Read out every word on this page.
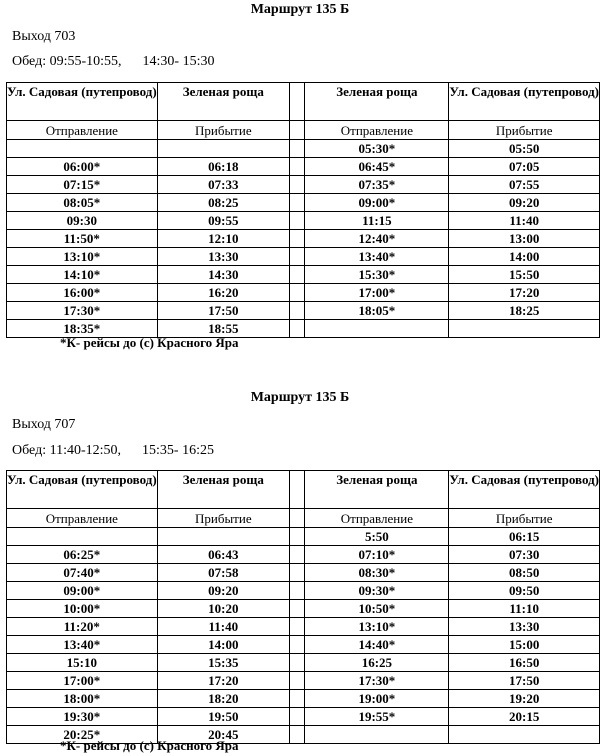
Маршрут 135 Б
Выход 703
Обед: 09:55-10:55,      14:30- 15:30
Ул. Садовая (путепровод)	Зеленая роща		Зеленая роща	Ул. Садовая (путепровод)
Отправление	Прибытие		Отправление	Прибытие
			05:30*	05:50
06:00*	06:18		06:45*	07:05
07:15*	07:33		07:35*	07:55
08:05*	08:25		09:00*	09:20
09:30	09:55		11:15	11:40
11:50*	12:10		12:40*	13:00
13:10*	13:30		13:40*	14:00
14:10*	14:30		15:30*	15:50
16:00*	16:20		17:00*	17:20
17:30*	17:50		18:05*	18:25
18:35*	18:55			
*К- рейсы до (с) Красного Яра
Маршрут 135 Б
Выход 707
Обед: 11:40-12:50,      15:35- 16:25
Ул. Садовая (путепровод)	Зеленая роща		Зеленая роща	Ул. Садовая (путепровод)
Отправление	Прибытие		Отправление	Прибытие
			5:50	06:15
06:25*	06:43		07:10*	07:30
07:40*	07:58		08:30*	08:50
09:00*	09:20		09:30*	09:50
10:00*	10:20		10:50*	11:10
11:20*	11:40		13:10*	13:30
13:40*	14:00		14:40*	15:00
15:10	15:35		16:25	16:50
17:00*	17:20		17:30*	17:50
18:00*	18:20		19:00*	19:20
19:30*	19:50		19:55*	20:15
20:25*	20:45			
*К- рейсы до (с) Красного Яра
